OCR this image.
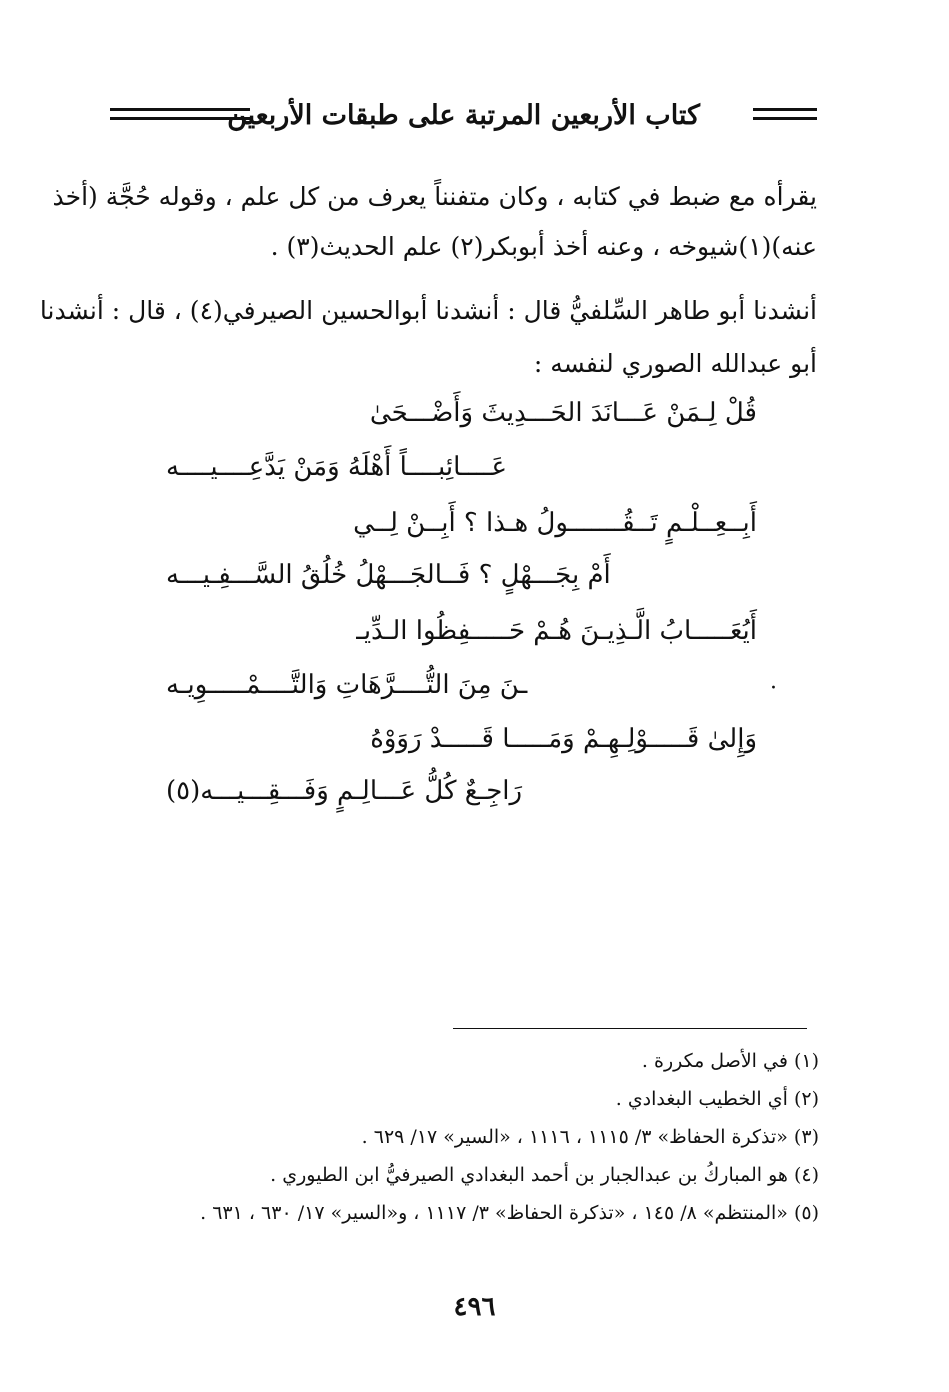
كتاب الأربعين المرتبة على طبقات الأربعين
يقرأه مع ضبط في كتابه ، وكان متفنناً يعرف من كل علم ، وقوله حُجَّة (أخذ
عنه)(١)شيوخه ، وعنه أخذ أبوبكر(٢) علم الحديث(٣) .
أنشدنا أبو طاهر السِّلفيُّ قال : أنشدنا أبوالحسين الصيرفي(٤) ، قال : أنشدنا
أبو عبدالله الصوري لنفسه :
قُلْ لِـمَنْ عَـــانَدَ الحَـــدِيثَ وَأَضْـــحَىٰ
عَــــائِبــــاً أَهْلَهُ وَمَنْ يَدَّعِــــيــــه
أَبِــعِــلْـمٍ تَــقُـــــــولُ هـذا ؟ أَبِــنْ لِــي
أَمْ بِجَـــهْلٍ ؟ فَــالجَـــهْلُ خُلُقُ السَّـــفِـيـــه
أَيُعَـــــابُ الَّـذِيـنَ هُـمْ حَـــــفِظُوا الـدِّيـ
ـنَ مِنَ التُّــــرَّهَاتِ وَالتَّــــمْـــــوِيـه	·
وَإِلىٰ قَـــــوْلِـهِـمْ وَمَـــــا قَـــــدْ رَوَوْهُ
رَاجِـعٌ كُلُّ عَـــالِـمٍ وَفَـــقِـــيـــه(٥)
(١) في الأصل مكررة .
(٢) أي الخطيب البغدادي .
(٣) «تذكرة الحفاظ» ٣/ ١١١٥ ، ١١١٦ ، «السير» ١٧/ ٦٢٩ .
(٤) هو المباركُ بن عبدالجبار بن أحمد البغدادي الصيرفيُّ ابن الطيوري .
(٥) «المنتظم» ٨/ ١٤٥ ، «تذكرة الحفاظ» ٣/ ١١١٧ ، و«السير» ١٧/ ٦٣٠ ، ٦٣١ .
٤٩٦
